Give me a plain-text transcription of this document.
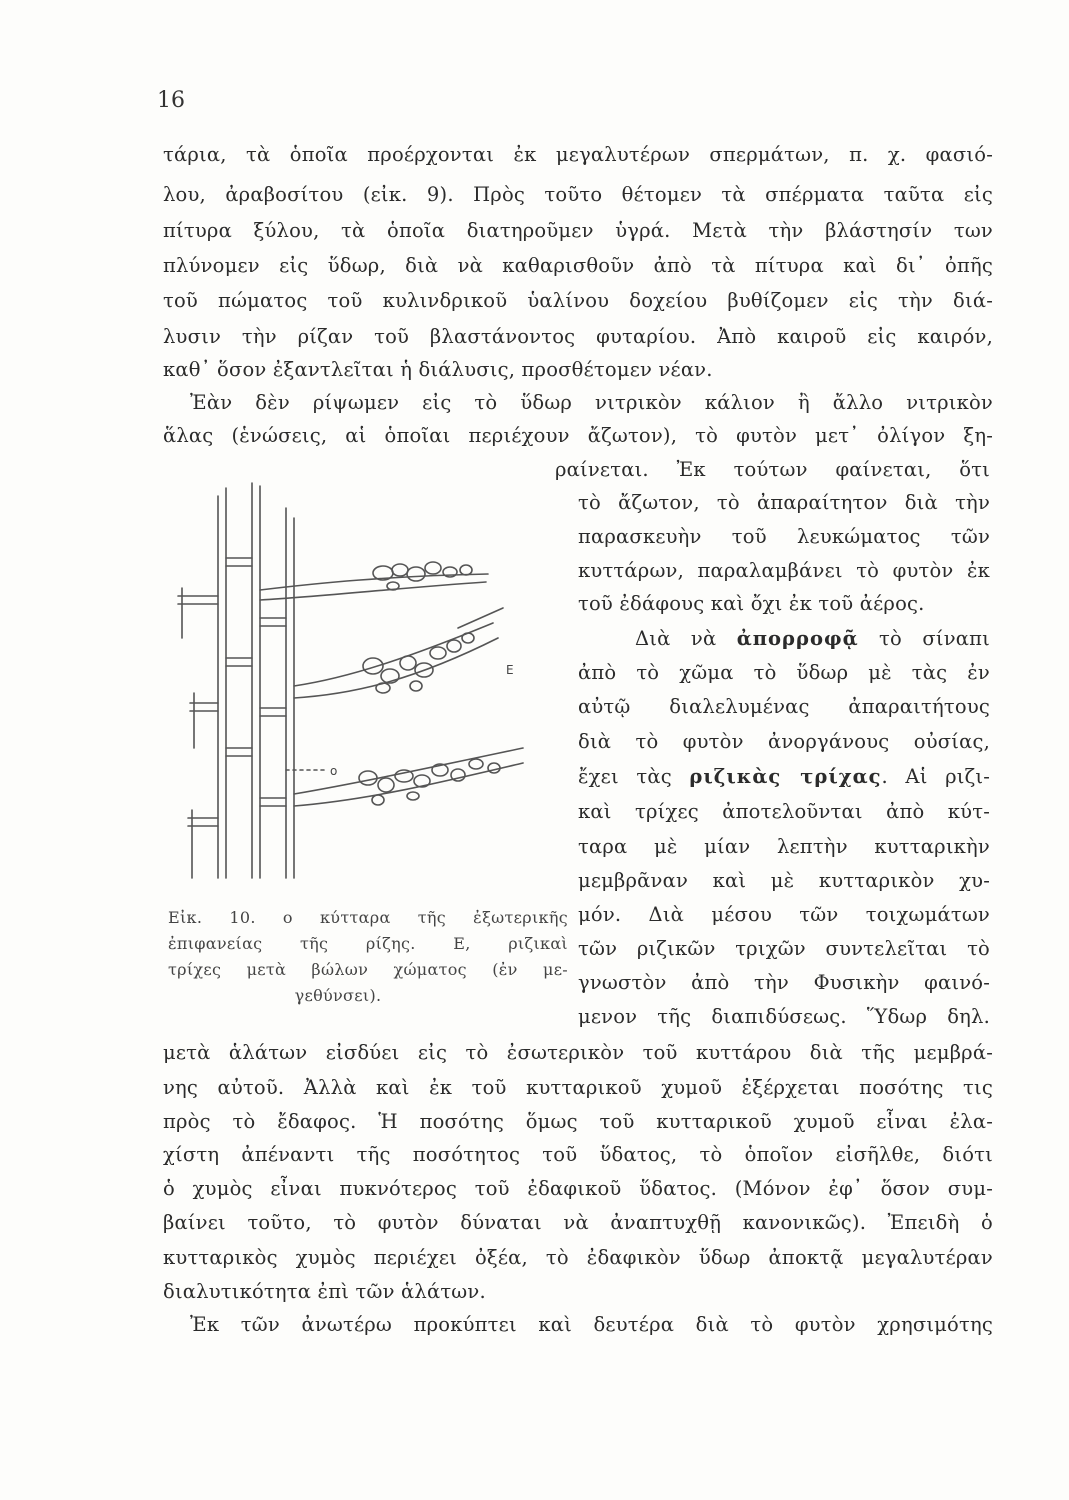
16
τάρια, τὰ ὁποῖα προέρχονται ἐκ μεγαλυτέρων σπερμάτων, π. χ. φασιό-
λου, ἀραβοσίτου (εἰκ. 9). Πρὸς τοῦτο θέτομεν τὰ σπέρματα ταῦτα εἰς
πίτυρα ξύλου, τὰ ὁποῖα διατηροῦμεν ὑγρά. Μετὰ τὴν βλάστησίν των
πλύνομεν εἰς ὕδωρ, διὰ νὰ καθαρισθοῦν ἀπὸ τὰ πίτυρα καὶ δι᾿ ὀπῆς
τοῦ πώματος τοῦ κυλινδρικοῦ ὑαλίνου δοχείου βυθίζομεν εἰς τὴν διά-
λυσιν τὴν ρίζαν τοῦ βλαστάνοντος φυταρίου. Ἀπὸ καιροῦ εἰς καιρόν,
καθ᾿ ὅσον ἐξαντλεῖται ἡ διάλυσις, προσθέτομεν νέαν.
Ἐὰν δὲν ρίψωμεν εἰς τὸ ὕδωρ νιτρικὸν κάλιον ἢ ἄλλο νιτρικὸν
ἅλας (ἑνώσεις, αἱ ὁποῖαι περιέχουν ἄζωτον), τὸ φυτὸν μετ᾿ ὀλίγον ξη-
ραίνεται. Ἐκ τούτων φαίνεται, ὅτι
τὸ ἄζωτον, τὸ ἀπαραίτητον διὰ τὴν
παρασκευὴν τοῦ λευκώματος τῶν
κυττάρων, παραλαμβάνει τὸ φυτὸν ἐκ
τοῦ ἐδάφους καὶ ὄχι ἐκ τοῦ ἀέρος.
Διὰ νὰ ἀπορροφᾷ τὸ σίναπι
ἀπὸ τὸ χῶμα τὸ ὕδωρ μὲ τὰς ἐν
αὐτῷ διαλελυμένας ἀπαραιτήτους
διὰ τὸ φυτὸν ἀνοργάνους οὐσίας,
ἔχει τὰς ριζικὰς τρίχας. Αἱ ριζι-
καὶ τρίχες ἀποτελοῦνται ἀπὸ κύτ-
ταρα μὲ μίαν λεπτὴν κυτταρικὴν
μεμβρᾶναν καὶ μὲ κυτταρικὸν χυ-
μόν. Διὰ μέσου τῶν τοιχωμάτων
τῶν ριζικῶν τριχῶν συντελεῖται τὸ
γνωστὸν ἀπὸ τὴν Φυσικὴν φαινό-
μενον τῆς διαπιδύσεως. Ὕδωρ δηλ.
Ε
ο
Εἰκ. 10. ο κύτταρα τῆς ἐξωτερικῆς
ἐπιφανείας τῆς ρίζης. Ε, ριζικαὶ
τρίχες μετὰ βώλων χώματος (ἐν με-
γεθύνσει).
μετὰ ἁλάτων εἰσδύει εἰς τὸ ἐσωτερικὸν τοῦ κυττάρου διὰ τῆς μεμβρά-
νης αὐτοῦ. Ἀλλὰ καὶ ἐκ τοῦ κυτταρικοῦ χυμοῦ ἐξέρχεται ποσότης τις
πρὸς τὸ ἔδαφος. Ἡ ποσότης ὅμως τοῦ κυτταρικοῦ χυμοῦ εἶναι ἐλα-
χίστη ἀπέναντι τῆς ποσότητος τοῦ ὕδατος, τὸ ὁποῖον εἰσῆλθε, διότι
ὁ χυμὸς εἶναι πυκνότερος τοῦ ἐδαφικοῦ ὕδατος. (Μόνον ἐφ᾿ ὅσον συμ-
βαίνει τοῦτο, τὸ φυτὸν δύναται νὰ ἀναπτυχθῇ κανονικῶς). Ἐπειδὴ ὁ
κυτταρικὸς χυμὸς περιέχει ὀξέα, τὸ ἐδαφικὸν ὕδωρ ἀποκτᾷ μεγαλυτέραν
διαλυτικότητα ἐπὶ τῶν ἁλάτων.
Ἐκ τῶν ἀνωτέρω προκύπτει καὶ δευτέρα διὰ τὸ φυτὸν χρησιμότης
